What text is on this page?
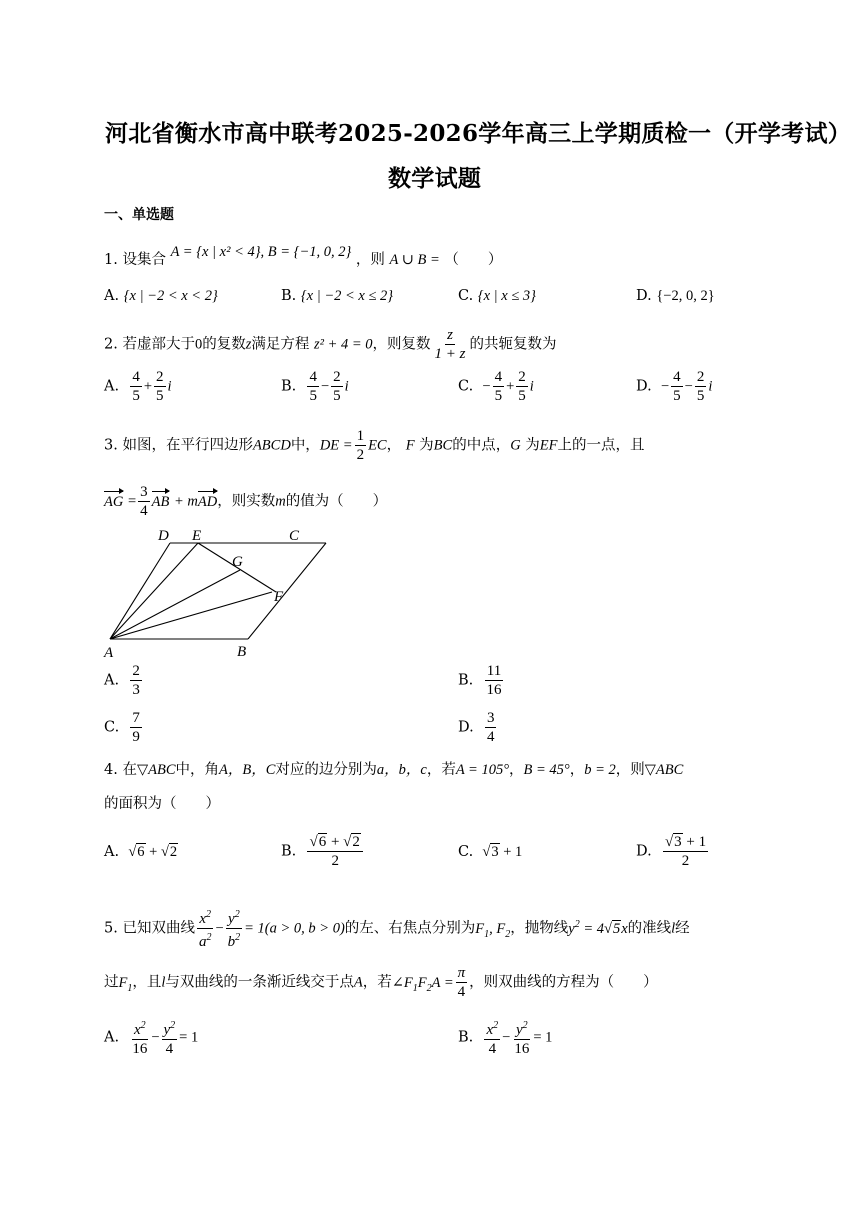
河北省衡水市高中联考2025-2026学年高三上学期质检一（开学考试）
数学试题
一、单选题
1. 设集合 A = {x | x² < 4}, B = {−1, 0, 2} ，则 A ∪ B = （　　）
A. {x | −2 < x < 2}	B. {x | −2 < x ≤ 2}	C. {x | x ≤ 3}	D. {−2, 0, 2}
2. 若虚部大于0的复数z满足方程 z² + 4 = 0，则复数 $\frac{z}{1 + z}$ 的共轭复数为
A. $\frac{4}{5} + \frac{2}{5}$ i	B. $\frac{4}{5} - \frac{2}{5}$ i	C. − $\frac{4}{5} + \frac{2}{5}$ i	D. − $\frac{4}{5} - \frac{2}{5}$ i
3. 如图，在平行四边形ABCD中，DE = $\frac{1}{2}$ EC， F 为BC的中点，G 为EF上的一点，且
AG = $\frac{3}{4}$ AB + mAD，则实数m的值为（　　）
D E	C
G
F
A	B
A. $\frac{2}{3}$	B. $\frac{11}{16}$
C. $\frac{7}{9}$	D. $\frac{3}{4}$
4. 在▽ABC中，角A，B，C对应的边分别为a，b，c，若A = 105°，B = 45°，b = 2，则▽ABC
的面积为（　　）
A. √6 + √2	B. $\frac{√6 + √2}{2}$	C. √3 + 1	D. $\frac{√3 + 1}{2}$
5. 已知双曲线 $\frac{x^2}{a^2} - \frac{y^2}{b^2} = 1(a > 0$, b > 0)的左、右焦点分别为$F_1$, $F_2$，抛物线$y^2 = 4√5x$的准线l经
过$F_1$，且l与双曲线的一条渐近线交于点A，若$\angle F_1F_2A = \frac{\pi}{4}$ ，则双曲线的方程为（　　）
A. $\frac{x^2}{16} - \frac{y^2}{4} = 1$	B. $\frac{x^2}{4} - \frac{y^2}{16} = 1$
